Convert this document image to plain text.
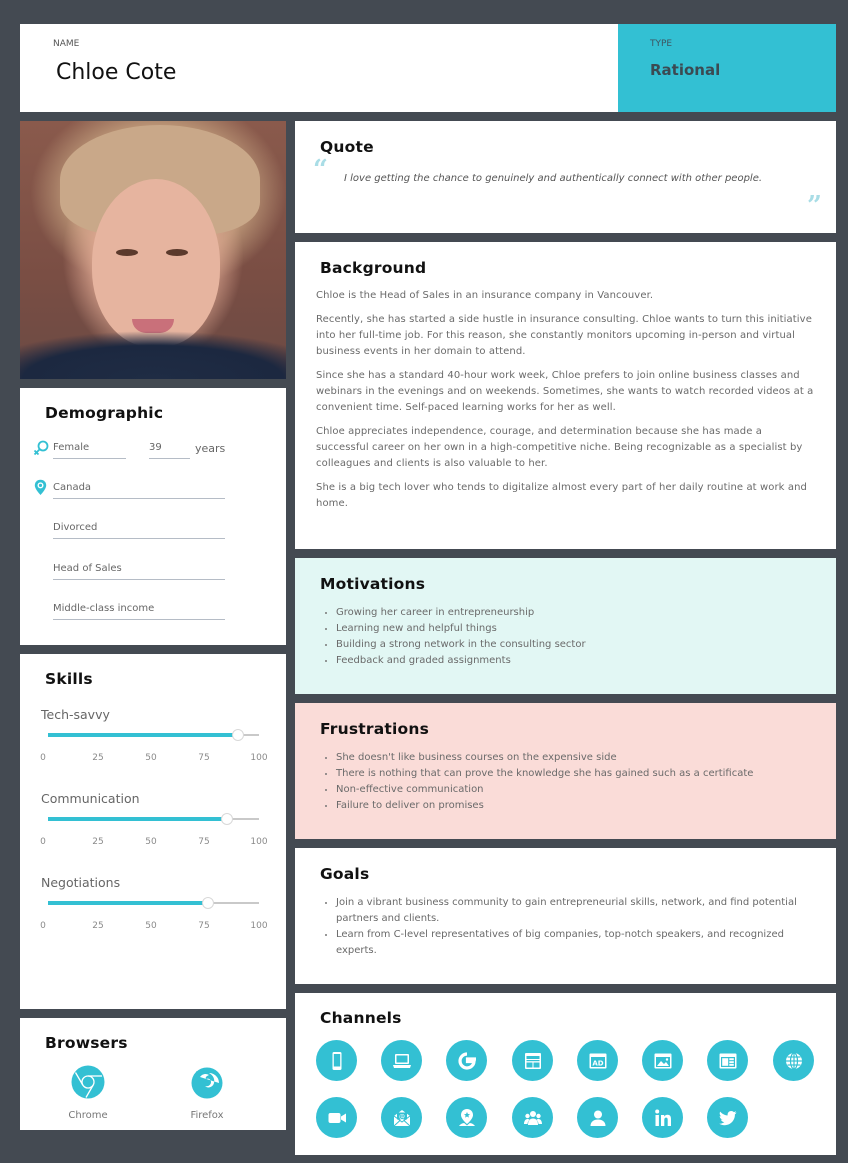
NAME
Chloe Cote
TYPE
Rational
Quote
“ I love getting the chance to genuinely and authentically connect with other people.
”
Background

Chloe is the Head of Sales in an insurance company in Vancouver.

Recently, she has started a side hustle in insurance consulting. Chloe wants to turn this initiative into her full-time job. For this reason, she constantly monitors upcoming in-person and virtual business events in her domain to attend.

Since she has a standard 40-hour work week, Chloe prefers to join online business classes and webinars in the evenings and on weekends. Sometimes, she wants to watch recorded videos at a convenient time. Self-paced learning works for her as well.

Chloe appreciates independence, courage, and determination because she has made a successful career on her own in a high-competitive niche. Being recognizable as a specialist by colleagues and clients is also valuable to her.

She is a big tech lover who tends to digitalize almost every part of her daily routine at work and home.

Demographic
Female	39	years
Canada
Divorced
Head of Sales
Middle-class income
Skills
Tech-savvy
0	25	50	75	100
Communication
0	25	50	75	100
Negotiations
0	25	50	75	100
Browsers
Chrome	Firefox
Motivations
• Growing her career in entrepreneurship
• Learning new and helpful things
• Building a strong network in the consulting sector
• Feedback and graded assignments
Frustrations
• She doesn't like business courses on the expensive side
• There is nothing that can prove the knowledge she has gained such as a certificate
• Non-effective communication
• Failure to deliver on promises
Goals
• Join a vibrant business community to gain entrepreneurial skills, network, and find potential partners and clients.
• Learn from C-level representatives of big companies, top-notch speakers, and recognized experts.
Channels
AD
@
